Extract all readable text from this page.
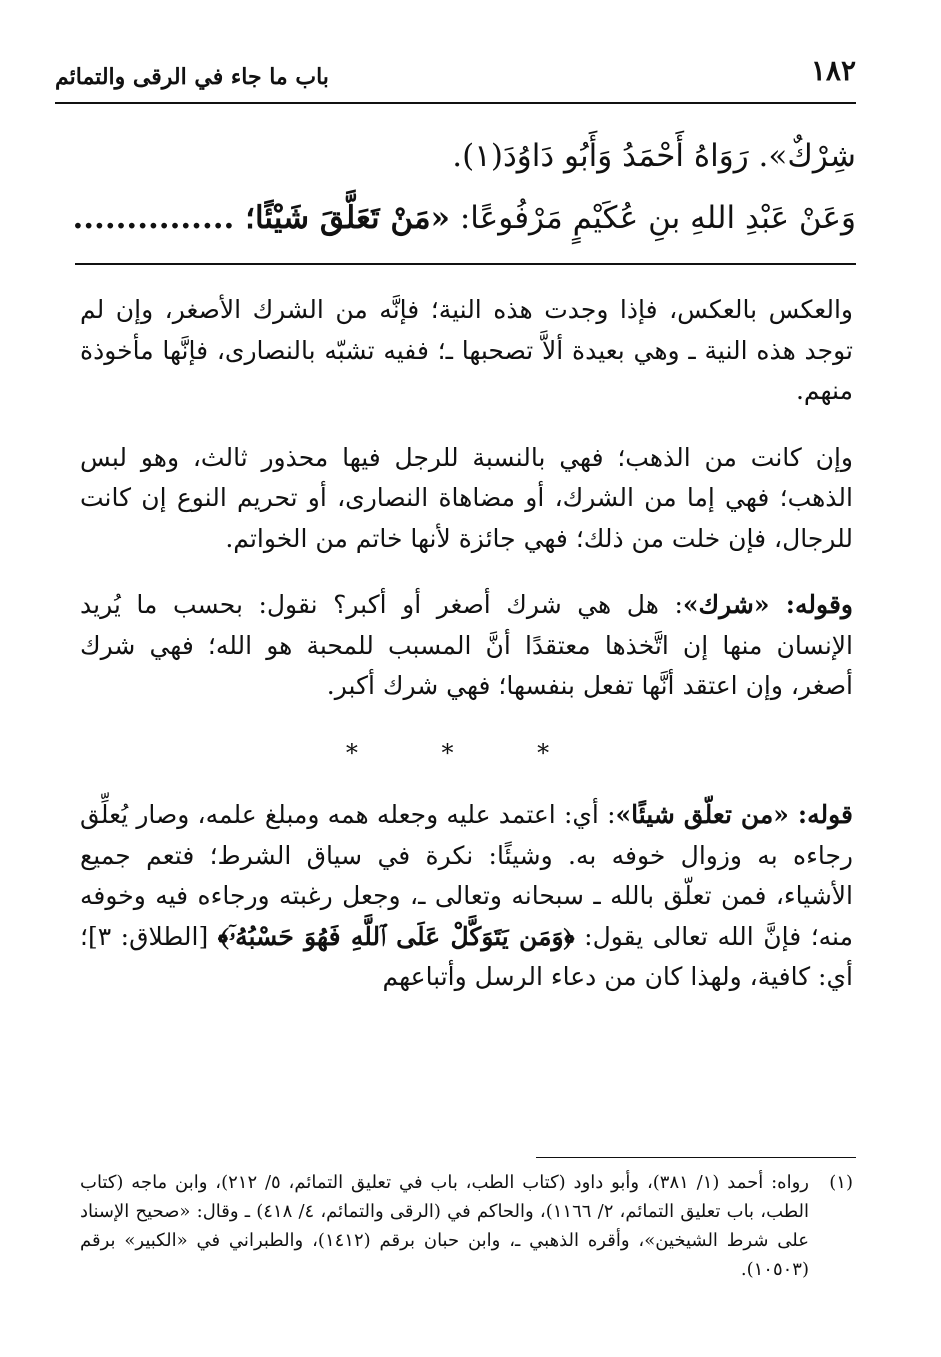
١٨٢
باب ما جاء في الرقى والتمائم
شِرْكٌ». رَوَاهُ أَحْمَدُ وَأَبُو دَاوُدَ(١).
وَعَنْ عَبْدِ اللهِ بنِ عُكَيْمٍ مَرْفُوعًا: «مَنْ تَعَلَّقَ شَيْئًا؛ ...............

والعكس بالعكس، فإذا وجدت هذه النية؛ فإنَّه من الشرك الأصغر، وإن لم توجد هذه النية ـ وهي بعيدة ألاَّ تصحبها ـ؛ ففيه تشبّه بالنصارى، فإنَّها مأخوذة منهم.

وإن كانت من الذهب؛ فهي بالنسبة للرجل فيها محذور ثالث، وهو لبس الذهب؛ فهي إما من الشرك، أو مضاهاة النصارى، أو تحريم النوع إن كانت للرجال، فإن خلت من ذلك؛ فهي جائزة لأنها خاتم من الخواتم.

وقوله: «شرك»: هل هي شرك أصغر أو أكبر؟ نقول: بحسب ما يُريد الإنسان منها إن اتَّخذها معتقدًا أنَّ المسبب للمحبة هو الله؛ فهي شرك أصغر، وإن اعتقد أنَّها تفعل بنفسها؛ فهي شرك أكبر.

* * *

قوله: «من تعلّق شيئًا»: أي: اعتمد عليه وجعله همه ومبلغ علمه، وصار يُعلِّق رجاءه به وزوال خوفه به. وشيئًا: نكرة في سياق الشرط؛ فتعم جميع الأشياء، فمن تعلّق بالله ـ سبحانه وتعالى ـ، وجعل رغبته ورجاءه فيه وخوفه منه؛ فإنَّ الله تعالى يقول: ﴿وَمَن يَتَوَكَّلْ عَلَى ٱللَّهِ فَهُوَ حَسْبُهُۥٓ﴾ [الطلاق: ٣]؛ أي: كافية، ولهذا كان من دعاء الرسل وأتباعهم

(١)
رواه: أحمد (١/ ٣٨١)، وأبو داود (كتاب الطب، باب في تعليق التمائم، ٥/ ٢١٢)، وابن ماجه (كتاب الطب، باب تعليق التمائم، ٢/ ١١٦٦)، والحاكم في (الرقى والتمائم، ٤/ ٤١٨) ـ وقال: «صحيح الإسناد على شرط الشيخين»، وأقره الذهبي ـ، وابن حبان برقم (١٤١٢)، والطبراني في «الكبير» برقم (١٠٥٠٣).
